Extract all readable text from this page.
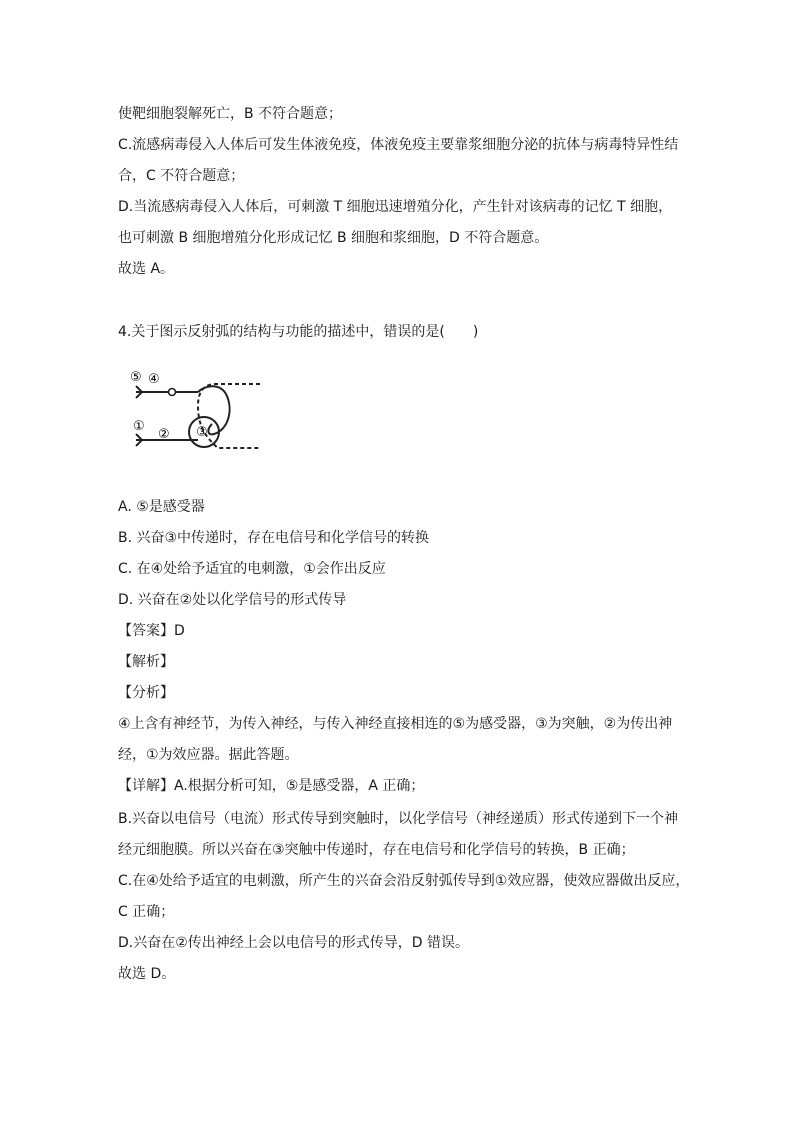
使靶细胞裂解死亡，B 不符合题意；
C.流感病毒侵入人体后可发生体液免疫，体液免疫主要靠浆细胞分泌的抗体与病毒特异性结
合，C 不符合题意；
D.当流感病毒侵入人体后，可刺激 T 细胞迅速增殖分化，产生针对该病毒的记忆 T 细胞，
也可刺激 B 细胞增殖分化形成记忆 B 细胞和浆细胞，D 不符合题意。
故选 A。
4.关于图示反射弧的结构与功能的描述中，错误的是(　　)
⑤ ④
①
② ③
A. ⑤是感受器
B. 兴奋③中传递时，存在电信号和化学信号的转换
C. 在④处给予适宜的电刺激，①会作出反应
D. 兴奋在②处以化学信号的形式传导
【答案】D
【解析】
【分析】
④上含有神经节，为传入神经，与传入神经直接相连的⑤为感受器，③为突触，②为传出神
经，①为效应器。据此答题。
【详解】A.根据分析可知，⑤是感受器，A 正确；
B.兴奋以电信号（电流）形式传导到突触时，以化学信号（神经递质）形式传递到下一个神
经元细胞膜。所以兴奋在③突触中传递时，存在电信号和化学信号的转换，B 正确；
C.在④处给予适宜的电刺激，所产生的兴奋会沿反射弧传导到①效应器，使效应器做出反应，
C 正确；
D.兴奋在②传出神经上会以电信号的形式传导，D 错误。
故选 D。
